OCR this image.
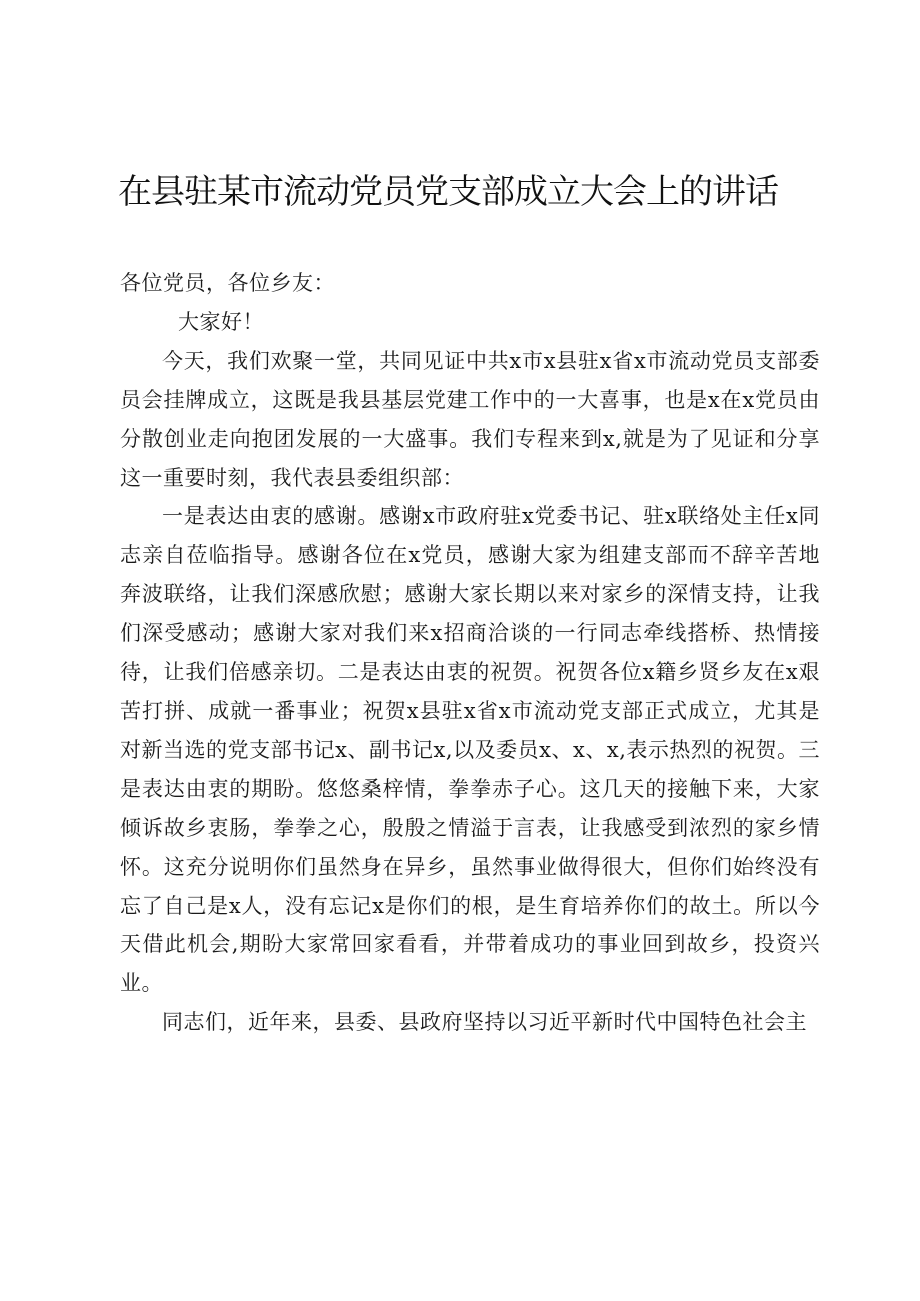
在县驻某市流动党员党支部成立大会上的讲话

各位党员，各位乡友：

大家好！

今天，我们欢聚一堂，共同见证中共x市x县驻x省x市流动党员支部委员会挂牌成立，这既是我县基层党建工作中的一大喜事，也是x在x党员由分散创业走向抱团发展的一大盛事。我们专程来到x,就是为了见证和分享这一重要时刻，我代表县委组织部：

一是表达由衷的感谢。感谢x市政府驻x党委书记、驻x联络处主任x同志亲自莅临指导。感谢各位在x党员，感谢大家为组建支部而不辞辛苦地奔波联络，让我们深感欣慰；感谢大家长期以来对家乡的深情支持，让我们深受感动；感谢大家对我们来x招商洽谈的一行同志牵线搭桥、热情接待，让我们倍感亲切。二是表达由衷的祝贺。祝贺各位x籍乡贤乡友在x艰苦打拼、成就一番事业；祝贺x县驻x省x市流动党支部正式成立，尤其是对新当选的党支部书记x、副书记x,以及委员x、x、x,表示热烈的祝贺。三是表达由衷的期盼。悠悠桑梓情，拳拳赤子心。这几天的接触下来，大家倾诉故乡衷肠，拳拳之心，殷殷之情溢于言表，让我感受到浓烈的家乡情怀。这充分说明你们虽然身在异乡，虽然事业做得很大，但你们始终没有忘了自己是x人，没有忘记x是你们的根，是生育培养你们的故土。所以今天借此机会,期盼大家常回家看看，并带着成功的事业回到故乡，投资兴业。

同志们，近年来，县委、县政府坚持以习近平新时代中国特色社会主
